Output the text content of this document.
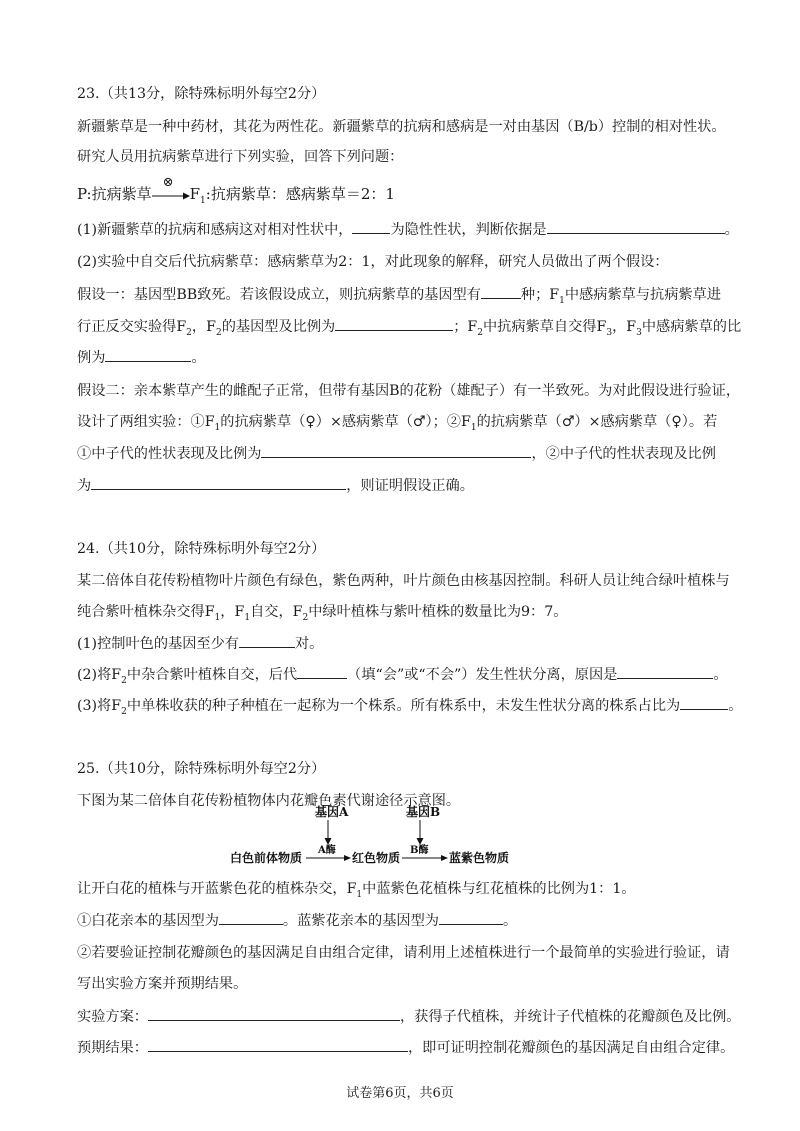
23.（共13分，除特殊标明外每空2分）
新疆紫草是一种中药材，其花为两性花。新疆紫草的抗病和感病是一对由基因（B/b）控制的相对性状。
研究人员用抗病紫草进行下列实验，回答下列问题：
P:抗病紫草
⊗
$F_1$:抗病紫草：感病紫草＝2：1
(1)新疆紫草的抗病和感病这对相对性状中，	为隐性性状，判断依据是	。
(2)实验中自交后代抗病紫草：感病紫草为2：1，对此现象的解释，研究人员做出了两个假设：
假设一：基因型BB致死。若该假设成立，则抗病紫草的基因型有	种；$F_1$中感病紫草与抗病紫草进
行正反交实验得$F_2$，$F_2$的基因型及比例为	；$F_2$中抗病紫草自交得$F_3$，$F_3$中感病紫草的比
例为	。
假设二：亲本紫草产生的雌配子正常，但带有基因B的花粉（雄配子）有一半致死。为对此假设进行验证，
设计了两组实验：$①F_1$的抗病紫草（♀）×感病紫草（♂）；$②F_1$的抗病紫草（♂）×感病紫草（♀）。若
①中子代的性状表现及比例为	，②中子代的性状表现及比例
为	，则证明假设正确。
24.（共10分，除特殊标明外每空2分）
某二倍体自花传粉植物叶片颜色有绿色，紫色两种，叶片颜色由核基因控制。科研人员让纯合绿叶植株与
纯合紫叶植株杂交得$F_1$，$F_1$自交，$F_2$中绿叶植株与紫叶植株的数量比为9：7。
(1)控制叶色的基因至少有	对。
(2)将$F_2$中杂合紫叶植株自交，后代	（填“会”或“不会”）发生性状分离，原因是	。
(3)将$F_2$中单株收获的种子种植在一起称为一个株系。所有株系中，未发生性状分离的株系占比为	。
25.（共10分，除特殊标明外每空2分）
下图为某二倍体自花传粉植物体内花瓣色素代谢途径示意图。
基因A	基因B
白色前体物质
A酶
红色物质
B酶
蓝紫色物质
让开白花的植株与开蓝紫色花的植株杂交，$F_1$中蓝紫色花植株与红花植株的比例为1：1。
①白花亲本的基因型为	。蓝紫花亲本的基因型为	。
②若要验证控制花瓣颜色的基因满足自由组合定律，请利用上述植株进行一个最简单的实验进行验证，请
写出实验方案并预期结果。
实验方案：	，获得子代植株，并统计子代植株的花瓣颜色及比例。
预期结果：	，即可证明控制花瓣颜色的基因满足自由组合定律。
试卷第6页，共6页
